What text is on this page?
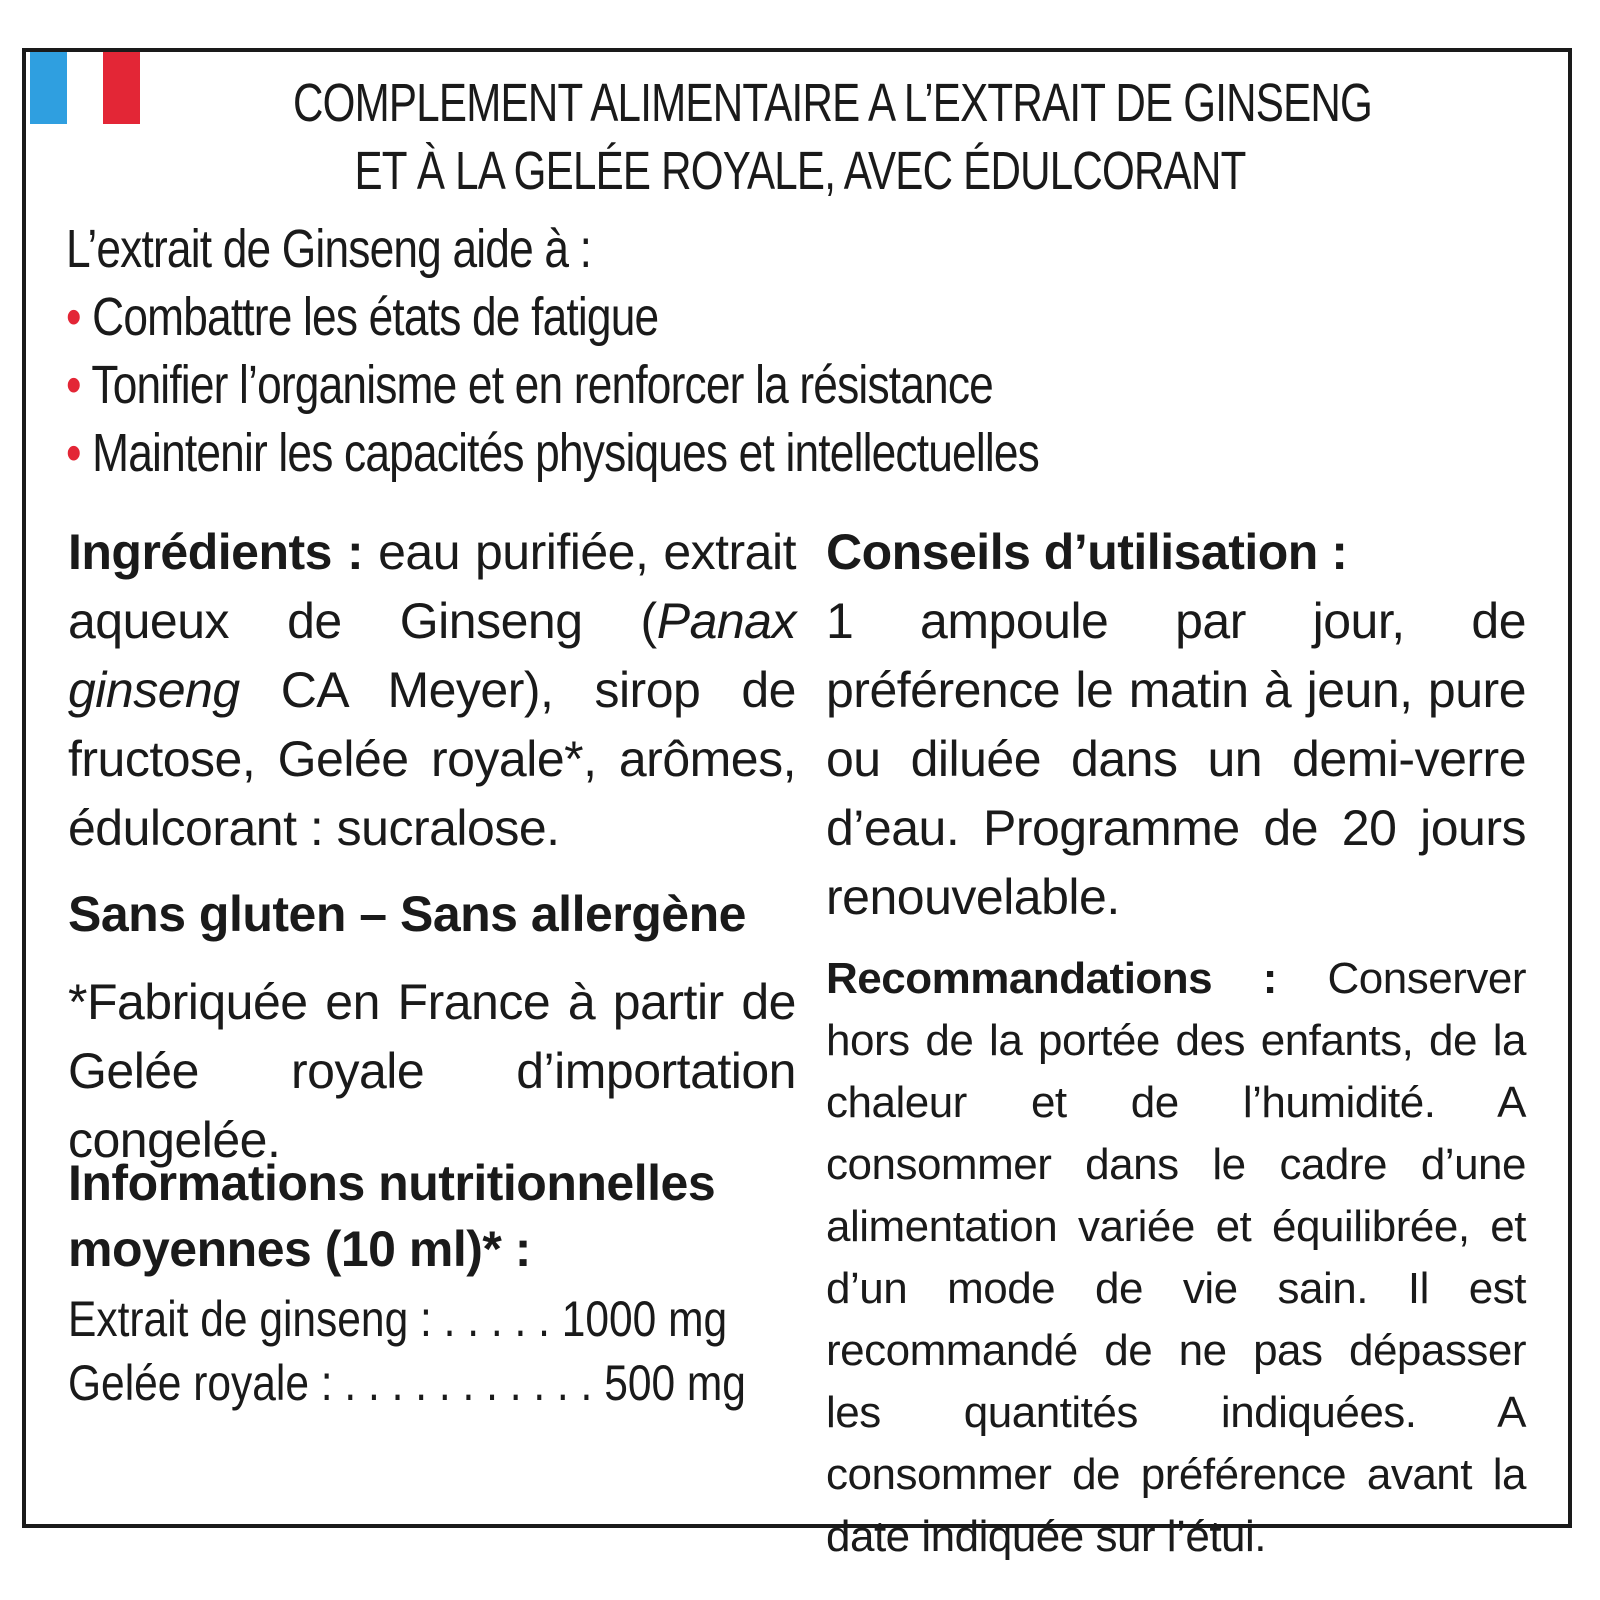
COMPLEMENT ALIMENTAIRE A L’EXTRAIT DE GINSENG
ET À LA GELÉE ROYALE, AVEC ÉDULCORANT
L’extrait de Ginseng aide à :
• Combattre les états de fatigue
• Tonifier l’organisme et en renforcer la résistance
• Maintenir les capacités physiques et intellectuelles
Ingrédients : eau purifiée, extrait aqueux de Ginseng (Panax ginseng CA Meyer), sirop de fructose, Gelée royale*, arômes, édulcorant : sucralose.
Sans gluten – Sans allergène
*Fabriquée en France à partir de Gelée royale d’importation congelée.
Informations nutritionnelles
moyennes (10 ml)* :
Extrait de ginseng : . . . . . 1000 mg
Gelée royale : . . . . . . . . . . . 500 mg
Conseils d’utilisation :
1 ampoule par jour, de préférence le matin à jeun, pure ou diluée dans un demi-verre d’eau. Programme de 20 jours renouvelable.
Recommandations : Conserver hors de la portée des enfants, de la chaleur et de l’humidité. A consommer dans le cadre d’une alimentation variée et équilibrée, et d’un mode de vie sain. Il est recommandé de ne pas dépasser les quantités indiquées. A consommer de préférence avant la date indiquée sur l’étui.
